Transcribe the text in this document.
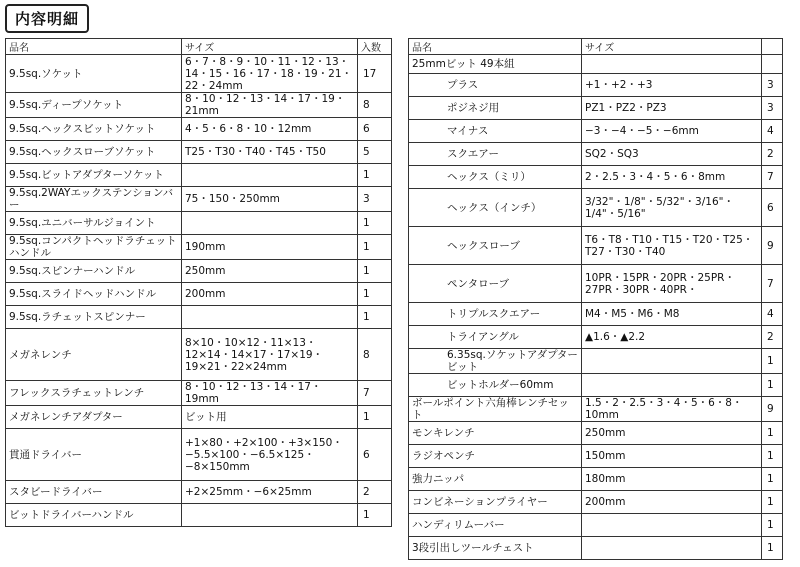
内容明細
品名	サイズ	入数
9.5sq.ソケット	6・7・8・9・10・11・12・13・14・15・16・17・18・19・21・22・24mm	17
9.5sq.ディープソケット	8・10・12・13・14・17・19・21mm	8
9.5sq.ヘックスビットソケット	4・5・6・8・10・12mm	6
9.5sq.ヘックスローブソケット	T25・T30・T40・T45・T50	5
9.5sq.ビットアダプターソケット		1
9.5sq.2WAYエックステンションバー	75・150・250mm	3
9.5sq.ユニバーサルジョイント		1
9.5sq.コンパクトヘッドラチェットハンドル	190mm	1
9.5sq.スピンナーハンドル	250mm	1
9.5sq.スライドヘッドハンドル	200mm	1
9.5sq.ラチェットスピンナー		1
メガネレンチ	8×10・10×12・11×13・12×14・14×17・17×19・19×21・22×24mm	8
フレックスラチェットレンチ	8・10・12・13・14・17・19mm	7
メガネレンチアダプター	ビット用	1
貫通ドライバー	+1×80・+2×100・+3×150・−5.5×100・−6.5×125・−8×150mm	6
スタビードライバー	+2×25mm・−6×25mm	2
ビットドライバーハンドル		1
品名	サイズ	
25mmビット 49本組		
プラス	+1・+2・+3	3
ポジネジ用	PZ1・PZ2・PZ3	3
マイナス	−3・−4・−5・−6mm	4
スクエアー	SQ2・SQ3	2
ヘックス（ミリ）	2・2.5・3・4・5・6・8mm	7
ヘックス（インチ）	3/32"・1/8"・5/32"・3/16"・1/4"・5/16"	6
ヘックスローブ	T6・T8・T10・T15・T20・T25・T27・T30・T40	9
ペンタローブ	10PR・15PR・20PR・25PR・27PR・30PR・40PR・	7
トリプルスクエアー	M4・M5・M6・M8	4
トライアングル	▲1.6・▲2.2	2
6.35sq.ソケットアダプタービット		1
ビットホルダー60mm		1
ボールポイント六角棒レンチセット	1.5・2・2.5・3・4・5・6・8・10mm	9
モンキレンチ	250mm	1
ラジオペンチ	150mm	1
強力ニッパ	180mm	1
コンビネーションプライヤー	200mm	1
ハンディリムーバー		1
3段引出しツールチェスト		1
